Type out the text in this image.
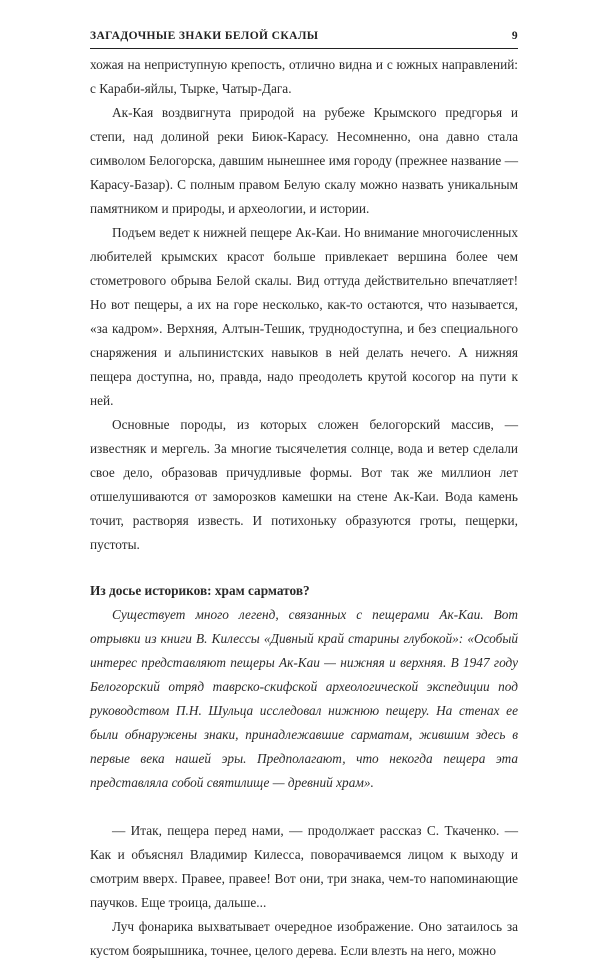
ЗАГАДОЧНЫЕ ЗНАКИ БЕЛОЙ СКАЛЫ	9

хожая на неприступную крепость, отлично видна и с южных направлений: с Караби-яйлы, Тырке, Чатыр-Дага.

Ак-Кая воздвигнута природой на рубеже Крымского предгорья и степи, над долиной реки Биюк-Карасу. Несомненно, она давно стала символом Белогорска, давшим нынешнее имя городу (прежнее название — Карасу-Базар). С полным правом Белую скалу можно назвать уникальным памятником и природы, и археологии, и истории.

Подъем ведет к нижней пещере Ак-Каи. Но внимание многочисленных любителей крымских красот больше привлекает вершина более чем стометрового обрыва Белой скалы. Вид оттуда действительно впечатляет! Но вот пещеры, а их на горе несколько, как-то остаются, что называется, «за кадром». Верхняя, Алтын-Тешик, труднодоступна, и без специального снаряжения и альпинистских навыков в ней делать нечего. А нижняя пещера доступна, но, правда, надо преодолеть крутой косогор на пути к ней.

Основные породы, из которых сложен белогорский массив, — известняк и мергель. За многие тысячелетия солнце, вода и ветер сделали свое дело, образовав причудливые формы. Вот так же миллион лет отшелушиваются от заморозков камешки на стене Ак-Каи. Вода камень точит, растворяя известь. И потихоньку образуются гроты, пещерки, пустоты.

Из досье историков: храм сарматов?

Существует много легенд, связанных с пещерами Ак-Каи. Вот отрывки из книги В. Килессы «Дивный край старины глубокой»: «Особый интерес представляют пещеры Ак-Каи — нижняя и верхняя. В 1947 году Белогорский отряд таврско-скифской археологической экспедиции под руководством П.Н. Шульца исследовал нижнюю пещеру. На стенах ее были обнаружены знаки, принадлежавшие сарматам, жившим здесь в первые века нашей эры. Предполагают, что некогда пещера эта представляла собой святилище — древний храм».

— Итак, пещера перед нами, — продолжает рассказ С. Ткаченко. — Как и объяснял Владимир Килесса, поворачиваемся лицом к выходу и смотрим вверх. Правее, правее! Вот они, три знака, чем-то напоминающие паучков. Еще троица, дальше...

Луч фонарика выхватывает очередное изображение. Оно затаилось за кустом боярышника, точнее, целого дерева. Если влезть на него, можно
